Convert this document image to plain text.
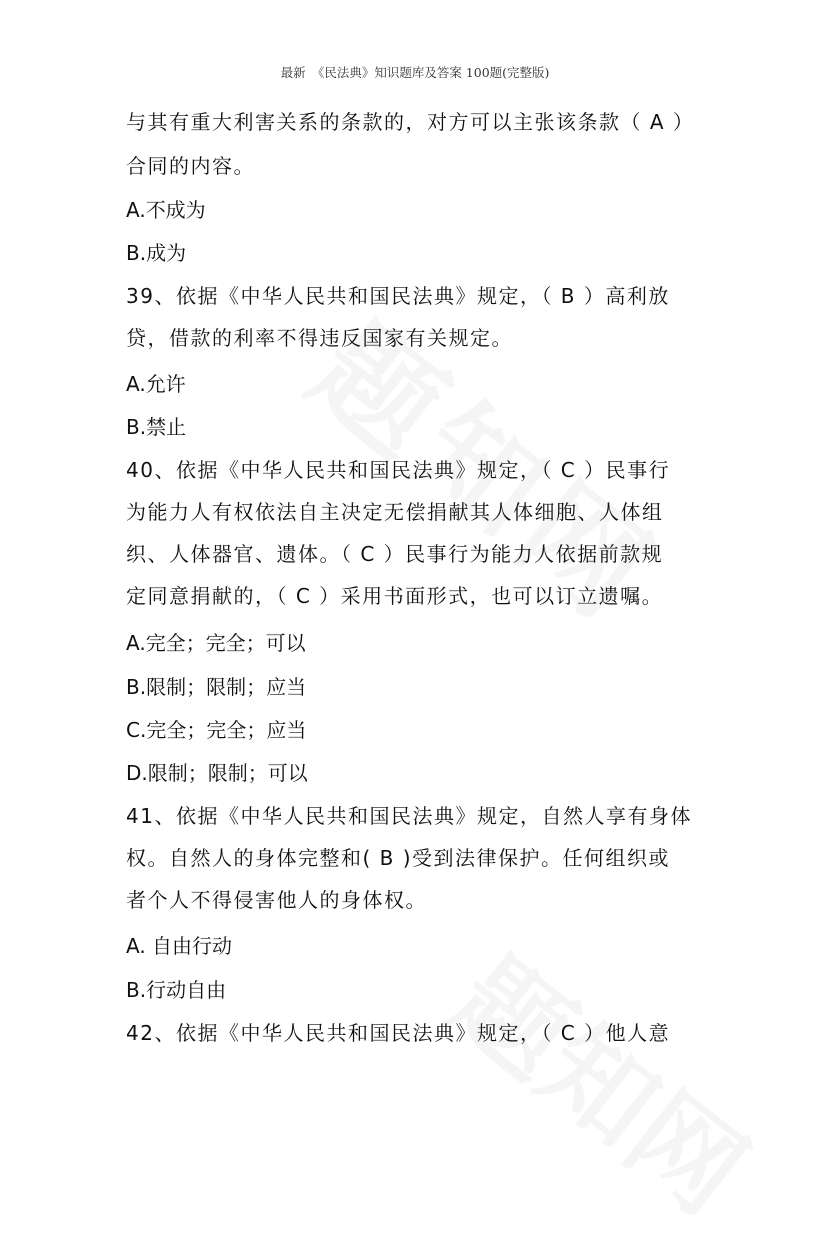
最新　《民法典》知识题库及答案 100题(完整版)
与其有重大利害关系的条款的，对方可以主张该条款（ A ）
合同的内容。
A.不成为
B.成为
39、依据《中华人民共和国民法典》规定，（ B ）高利放
贷，借款的利率不得违反国家有关规定。
A.允许
B.禁止
40、依据《中华人民共和国民法典》规定，（ C ）民事行
为能力人有权依法自主决定无偿捐献其人体细胞、人体组
织、人体器官、遗体。（ C ）民事行为能力人依据前款规
定同意捐献的，（ C ）采用书面形式，也可以订立遗嘱。
A.完全；完全；可以
B.限制；限制；应当
C.完全；完全；应当
D.限制；限制；可以
41、依据《中华人民共和国民法典》规定，自然人享有身体
权。自然人的身体完整和( B )受到法律保护。任何组织或
者个人不得侵害他人的身体权。
A. 自由行动
B.行动自由
42、依据《中华人民共和国民法典》规定，（ C ）他人意
